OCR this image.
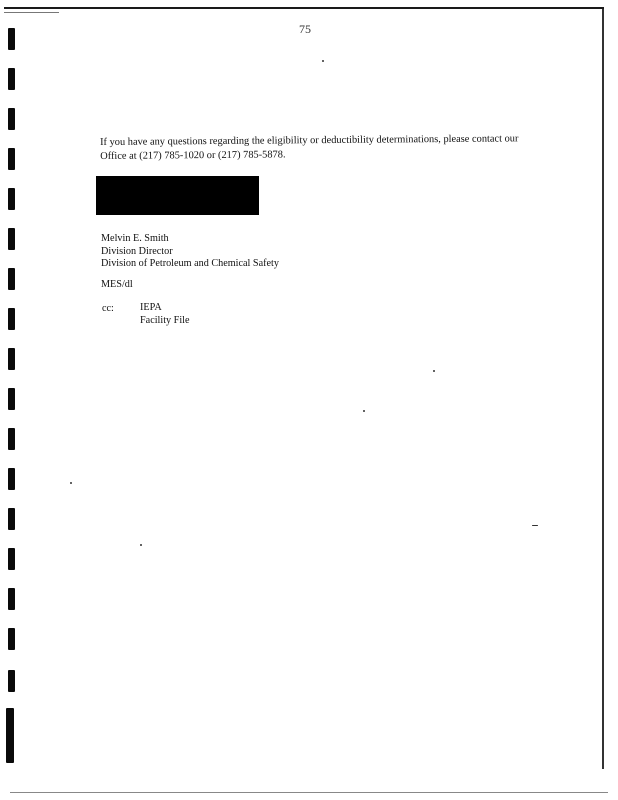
75
If you have any questions regarding the eligibility or deductibility determinations, please contact our
Office at (217) 785-1020 or (217) 785-5878.
Melvin E. Smith
Division Director
Division of Petroleum and Chemical Safety
MES/dl
cc:	IEPA
Facility File
